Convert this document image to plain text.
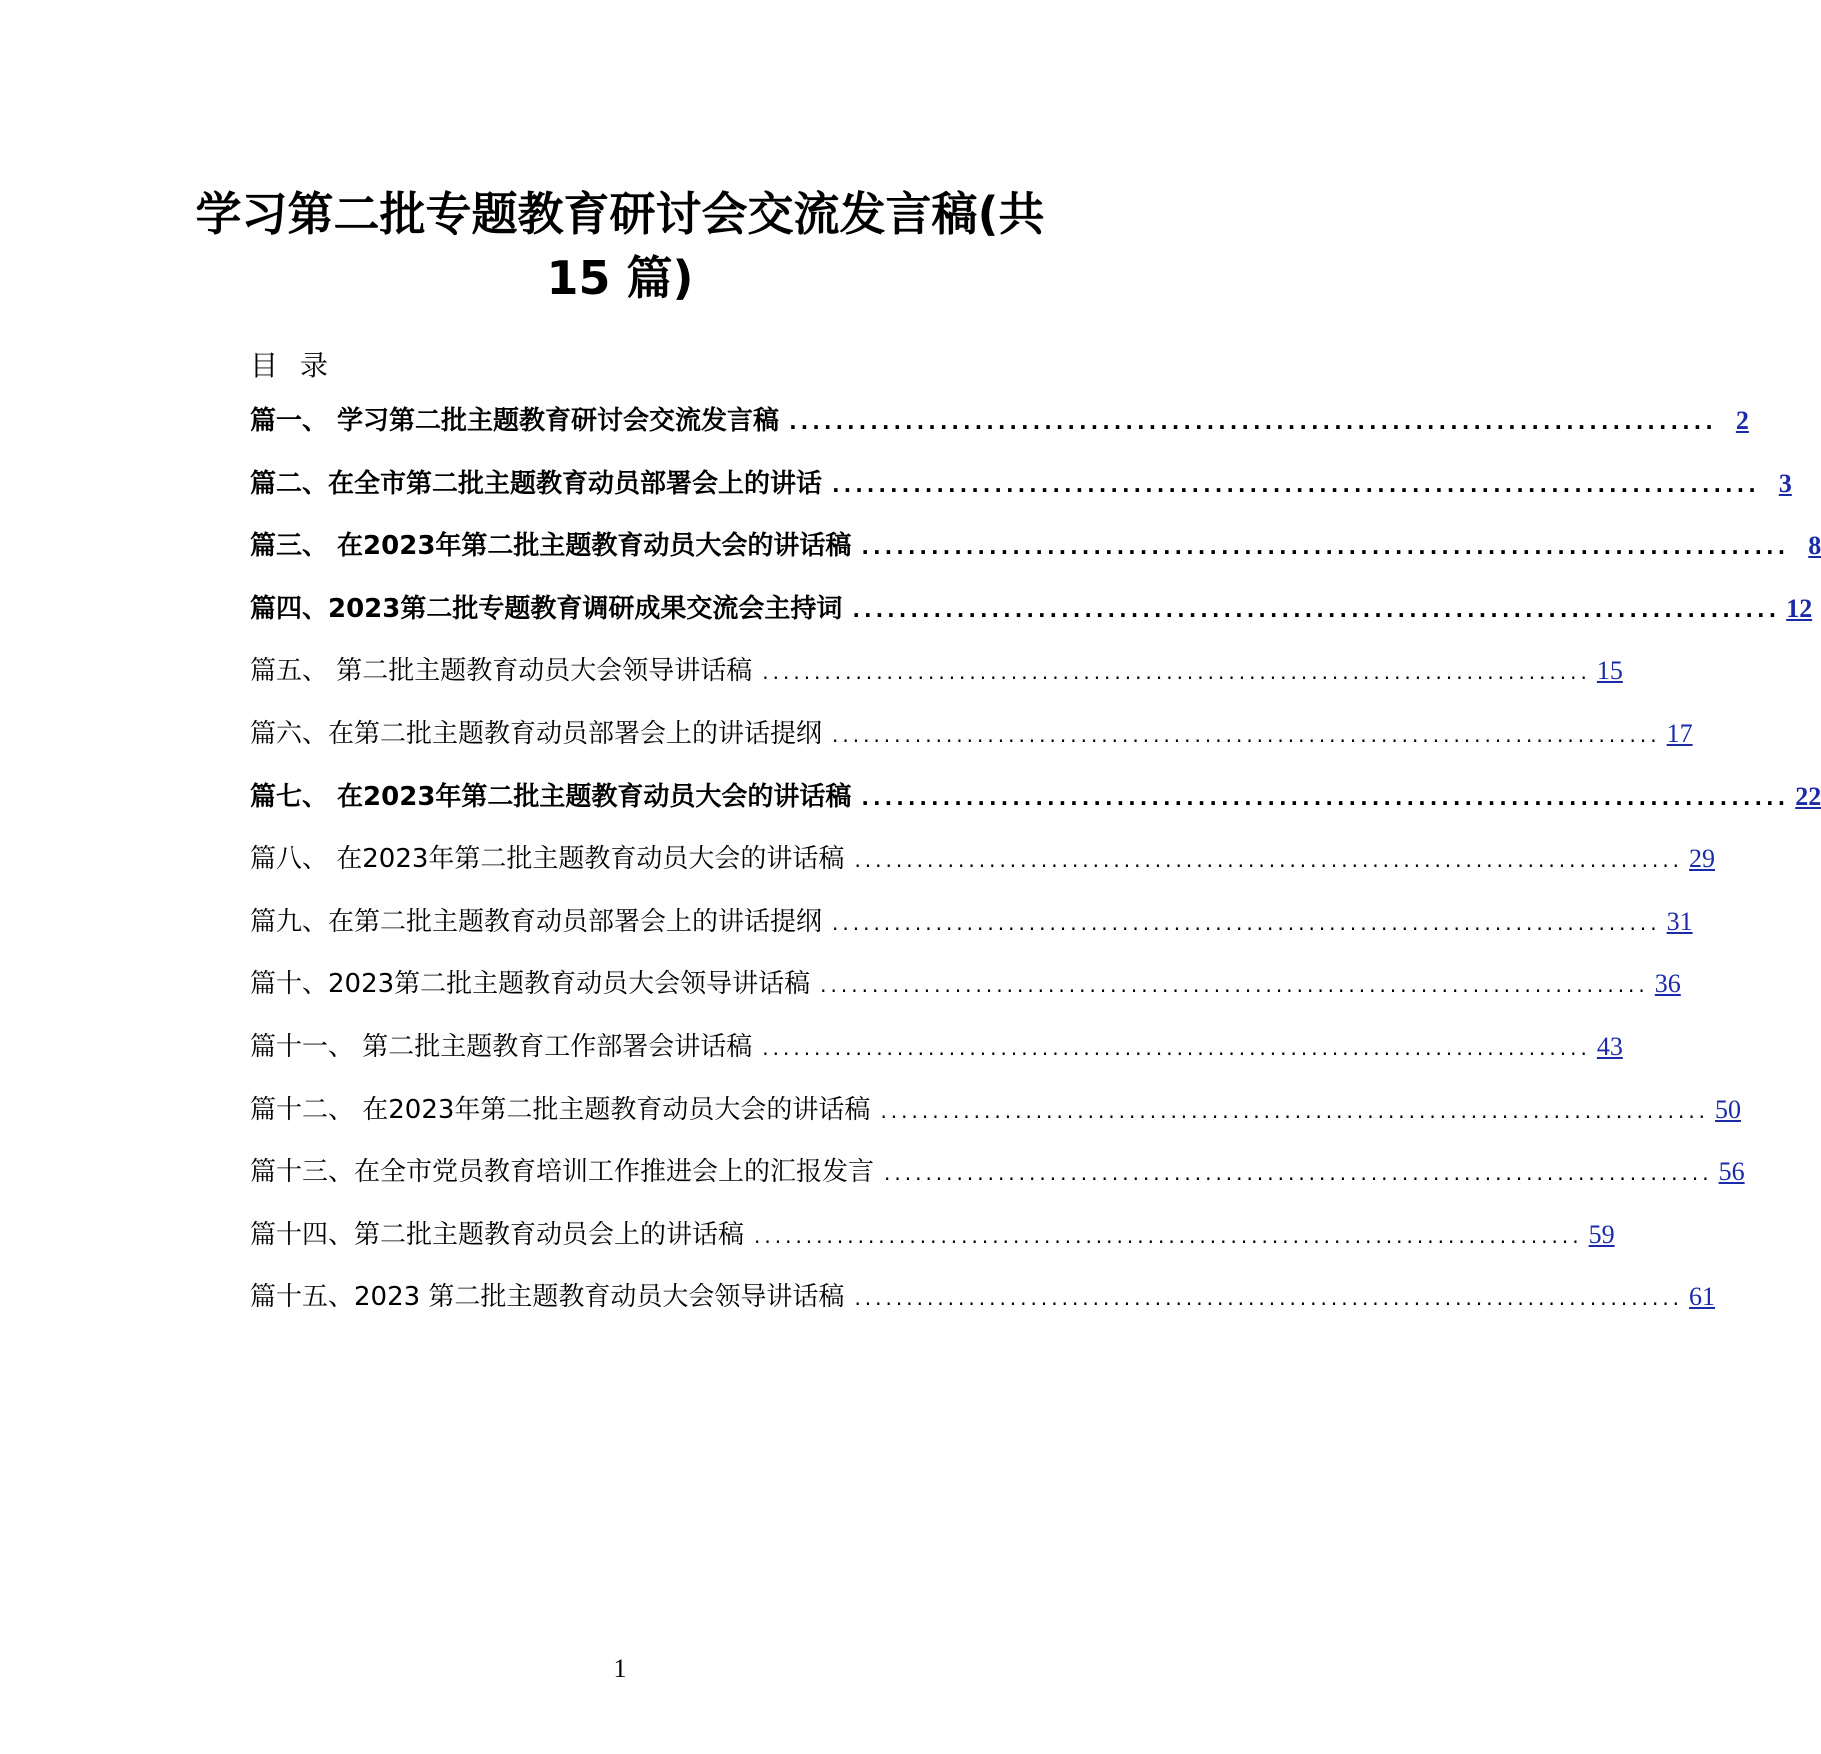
学习第二批专题教育研讨会交流发言稿(共
15 篇)
目录
篇一、 学习第二批主题教育研讨会交流发言稿 ................................................................................ 2
篇二、在全市第二批主题教育动员部署会上的讲话 ................................................................................ 3
篇三、 在2023年第二批主题教育动员大会的讲话稿 ................................................................................ 8
篇四、2023第二批专题教育调研成果交流会主持词 ................................................................................ 12
篇五、 第二批主题教育动员大会领导讲话稿 ................................................................................ 15
篇六、在第二批主题教育动员部署会上的讲话提纲 ................................................................................ 17
篇七、 在2023年第二批主题教育动员大会的讲话稿 ................................................................................ 22
篇八、 在2023年第二批主题教育动员大会的讲话稿 ................................................................................ 29
篇九、在第二批主题教育动员部署会上的讲话提纲 ................................................................................ 31
篇十、2023第二批主题教育动员大会领导讲话稿 ................................................................................ 36
篇十一、 第二批主题教育工作部署会讲话稿 ................................................................................ 43
篇十二、 在2023年第二批主题教育动员大会的讲话稿 ................................................................................ 50
篇十三、在全市党员教育培训工作推进会上的汇报发言 ................................................................................ 56
篇十四、第二批主题教育动员会上的讲话稿 ................................................................................ 59
篇十五、2023 第二批主题教育动员大会领导讲话稿 ................................................................................ 61
1
